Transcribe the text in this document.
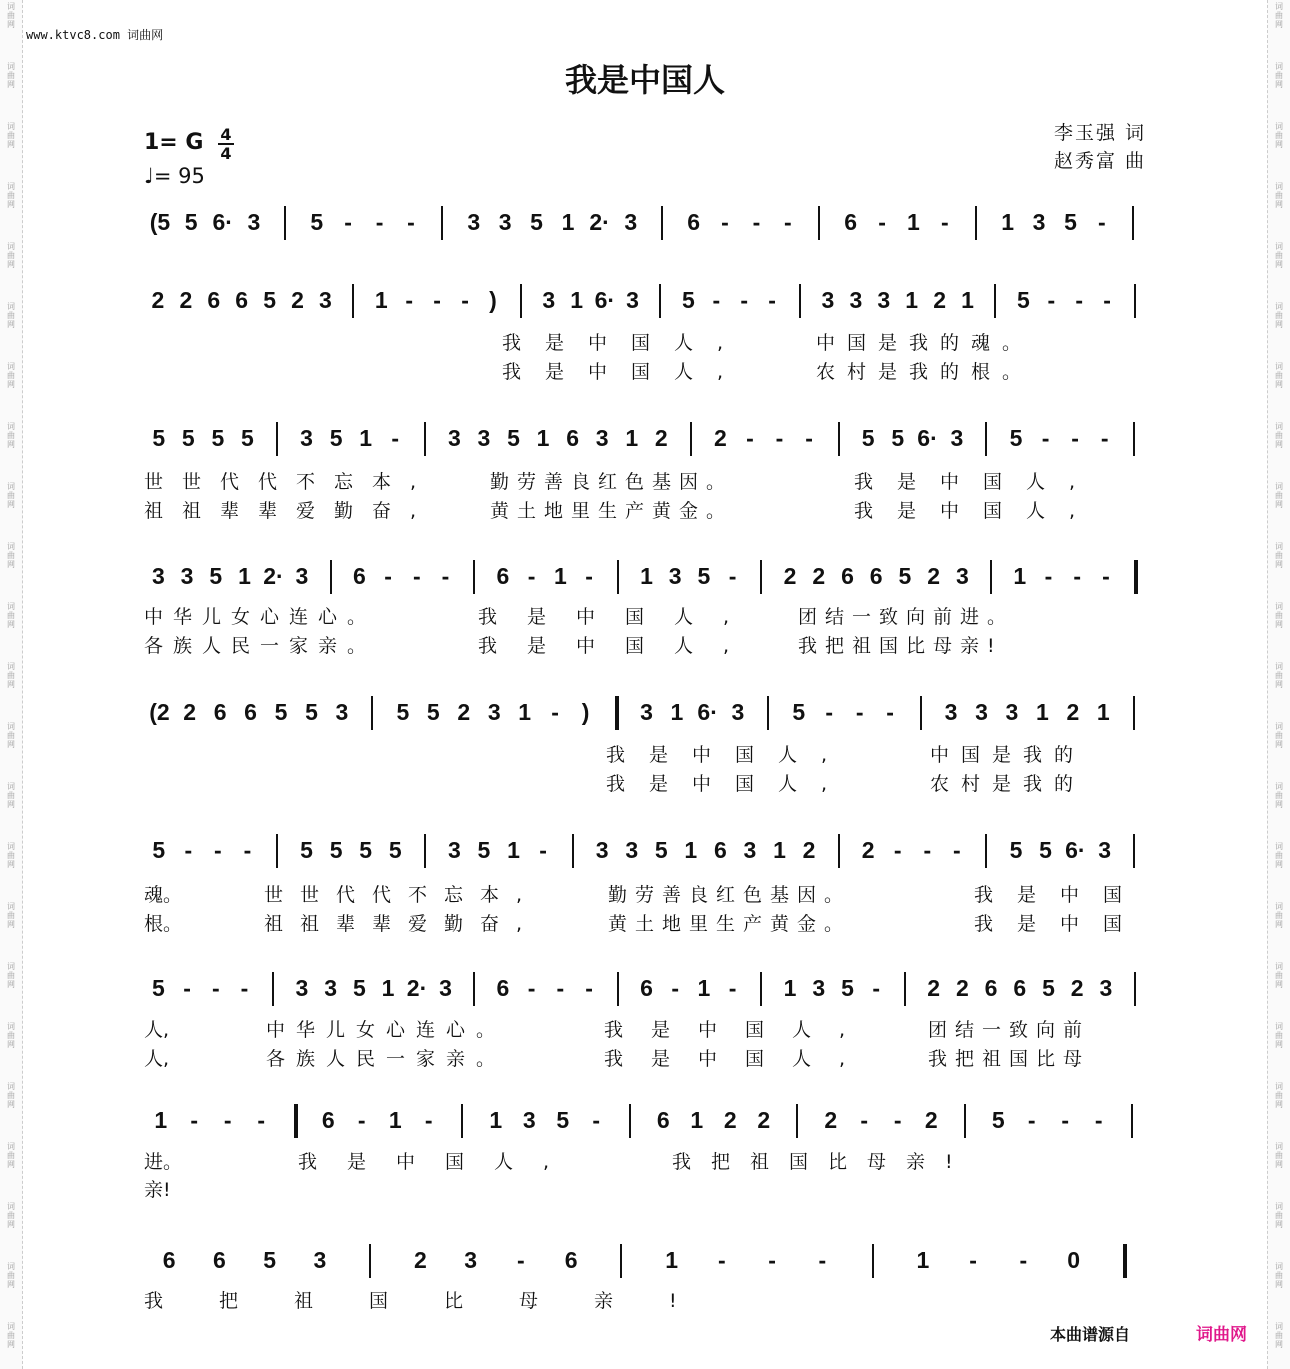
词
曲
网
词
曲
网
词
曲
网
词
曲
网
词
曲
网
词
曲
网
词
曲
网
词
曲
网
词
曲
网
词
曲
网
词
曲
网
词
曲
网
词
曲
网
词
曲
网
词
曲
网
词
曲
网
词
曲
网
词
曲
网
词
曲
网
词
曲
网
词
曲
网
词
曲
网
词
曲
网
词
曲
网
词
曲
网
词
曲
网
词
曲
网
词
曲
网
词
曲
网
词
曲
网
词
曲
网
词
曲
网
词
曲
网
词
曲
网
词
曲
网
词
曲
网
词
曲
网
词
曲
网
词
曲
网
词
曲
网
词
曲
网
词
曲
网
词
曲
网
词
曲
网
词
曲
网
词
曲
网
www.ktvc8.com 词曲网
我是中国人
李玉强 词
赵秀富 曲
1= G 4
4
♩= 95
(5 5 6· 3 5 - - - 3 3 5 1 2· 3 6 - - - 6 - 1 - 1 3 5 -
2 2 6 6 5 2 3 1 - - - ) 3 1 6· 3 5 - - - 3 3 3 1 2 1 5 - - -
5 5 5 5 3 5 1 - 3 3 5 1 6 3 1 2 2 - - - 5 5 6· 3 5 - - -
3 3 5 1 2· 3 6 - - - 6 - 1 - 1 3 5 - 2 2 6 6 5 2 3 1 - - -
(2 2 6 6 5 5 3 5 5 2 3 1 - ) 3 1 6· 3 5 - - - 3 3 3 1 2 1
5 - - - 5 5 5 5 3 5 1 - 3 3 5 1 6 3 1 2 2 - - - 5 5 6· 3
5 - - - 3 3 5 1 2· 3 6 - - - 6 - 1 - 1 3 5 - 2 2 6 6 5 2 3
1 - - - 6 - 1 - 1 3 5 - 6 1 2 2 2 - - 2 5 - - -
6 6 5 3	2 3 - 6	1 - - -	1 - - 0
我是中国人,	中国是我的魂。
我是中国人,	农村是我的根。
世世代代不忘本,	勤劳善良红色基因。	我是中国人,
祖祖辈辈爱勤奋,	黄土地里生产黄金。	我是中国人,
中华儿女心连心。	我是中国人, 团结一致向前进。
各族人民一家亲。	我是中国人, 我把祖国比母亲!
我是中国人,	中国是我的
我是中国人,	农村是我的
魂。	世世代代不忘本,	勤劳善良红色基因。	我是中国
根。	祖祖辈辈爱勤奋,	黄土地里生产黄金。	我是中国
人,	中华儿女心连心。	我是中国人,	团结一致向前
人,	各族人民一家亲。	我是中国人,	我把祖国比母
进。	我是中国人,	我把祖国比母亲!
亲!
我把祖国比母亲!
本曲谱源自	词曲网
